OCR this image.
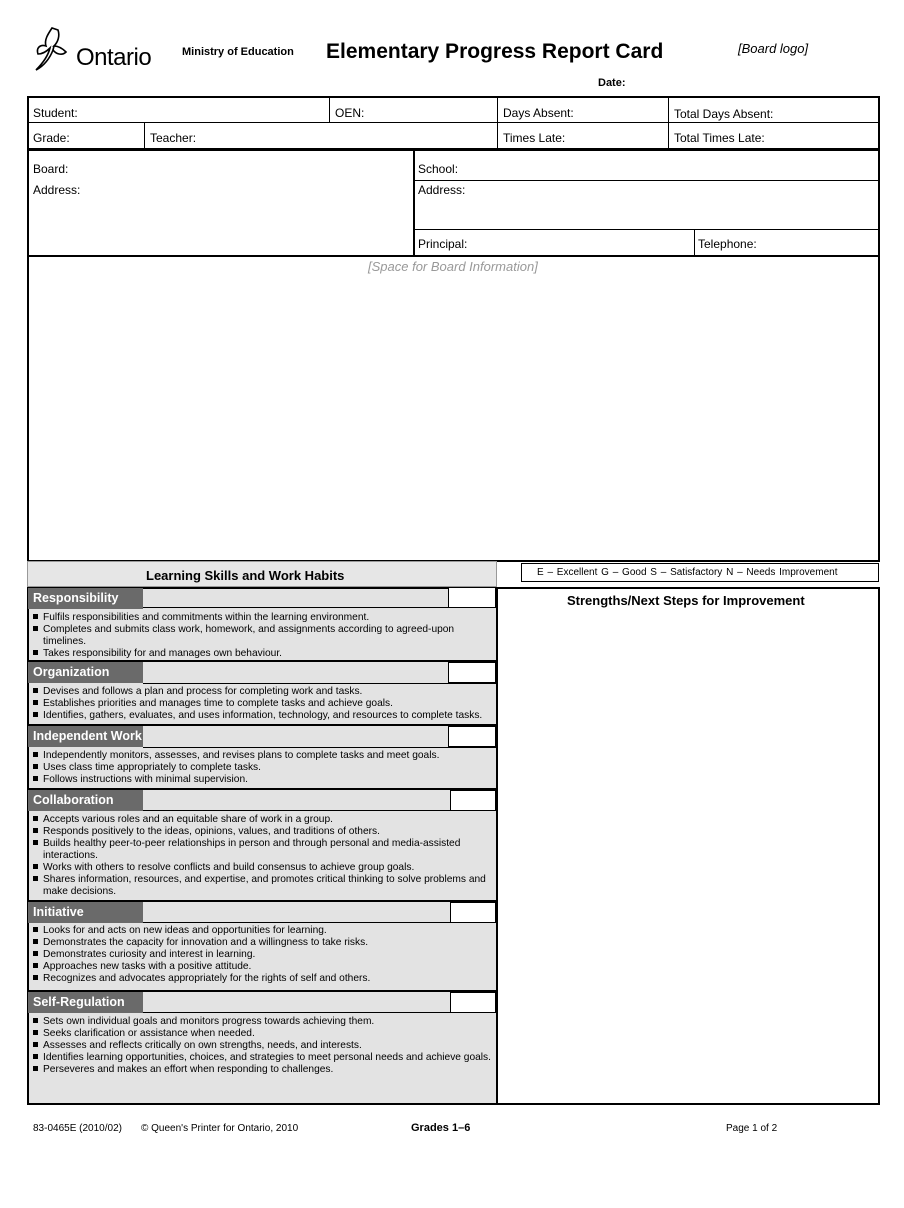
Ontario	Ministry of Education Elementary Progress Report Card	[Board logo]
Date:
Student:	OEN:	Days Absent:	Total Days Absent:
Grade:	Teacher:	Times Late:	Total Times Late:
Board:
Address:
School:
Address:
Principal:	Telephone:
[Space for Board Information]
Learning Skills and Work Habits	E – Excellent G – Good S – Satisfactory N – Needs Improvement
Responsibility
Fulfils responsibilities and commitments within the learning environment.
Completes and submits class work, homework, and assignments according to agreed-upon timelines.
Takes responsibility for and manages own behaviour.
Organization
Devises and follows a plan and process for completing work and tasks.
Establishes priorities and manages time to complete tasks and achieve goals.
Identifies, gathers, evaluates, and uses information, technology, and resources to complete tasks.
Independent Work
Independently monitors, assesses, and revises plans to complete tasks and meet goals.
Uses class time appropriately to complete tasks.
Follows instructions with minimal supervision.
Collaboration
Accepts various roles and an equitable share of work in a group.
Responds positively to the ideas, opinions, values, and traditions of others.
Builds healthy peer-to-peer relationships in person and through personal and media-assisted interactions.
Works with others to resolve conflicts and build consensus to achieve group goals.
Shares information, resources, and expertise, and promotes critical thinking to solve problems and make decisions.
Initiative
Looks for and acts on new ideas and opportunities for learning.
Demonstrates the capacity for innovation and a willingness to take risks.
Demonstrates curiosity and interest in learning.
Approaches new tasks with a positive attitude.
Recognizes and advocates appropriately for the rights of self and others.
Self-Regulation
Sets own individual goals and monitors progress towards achieving them.
Seeks clarification or assistance when needed.
Assesses and reflects critically on own strengths, needs, and interests.
Identifies learning opportunities, choices, and strategies to meet personal needs and achieve goals.
Perseveres and makes an effort when responding to challenges.
Strengths/Next Steps for Improvement
83-0465E (2010/02) © Queen's Printer for Ontario, 2010	Grades 1–6	Page 1 of 2
